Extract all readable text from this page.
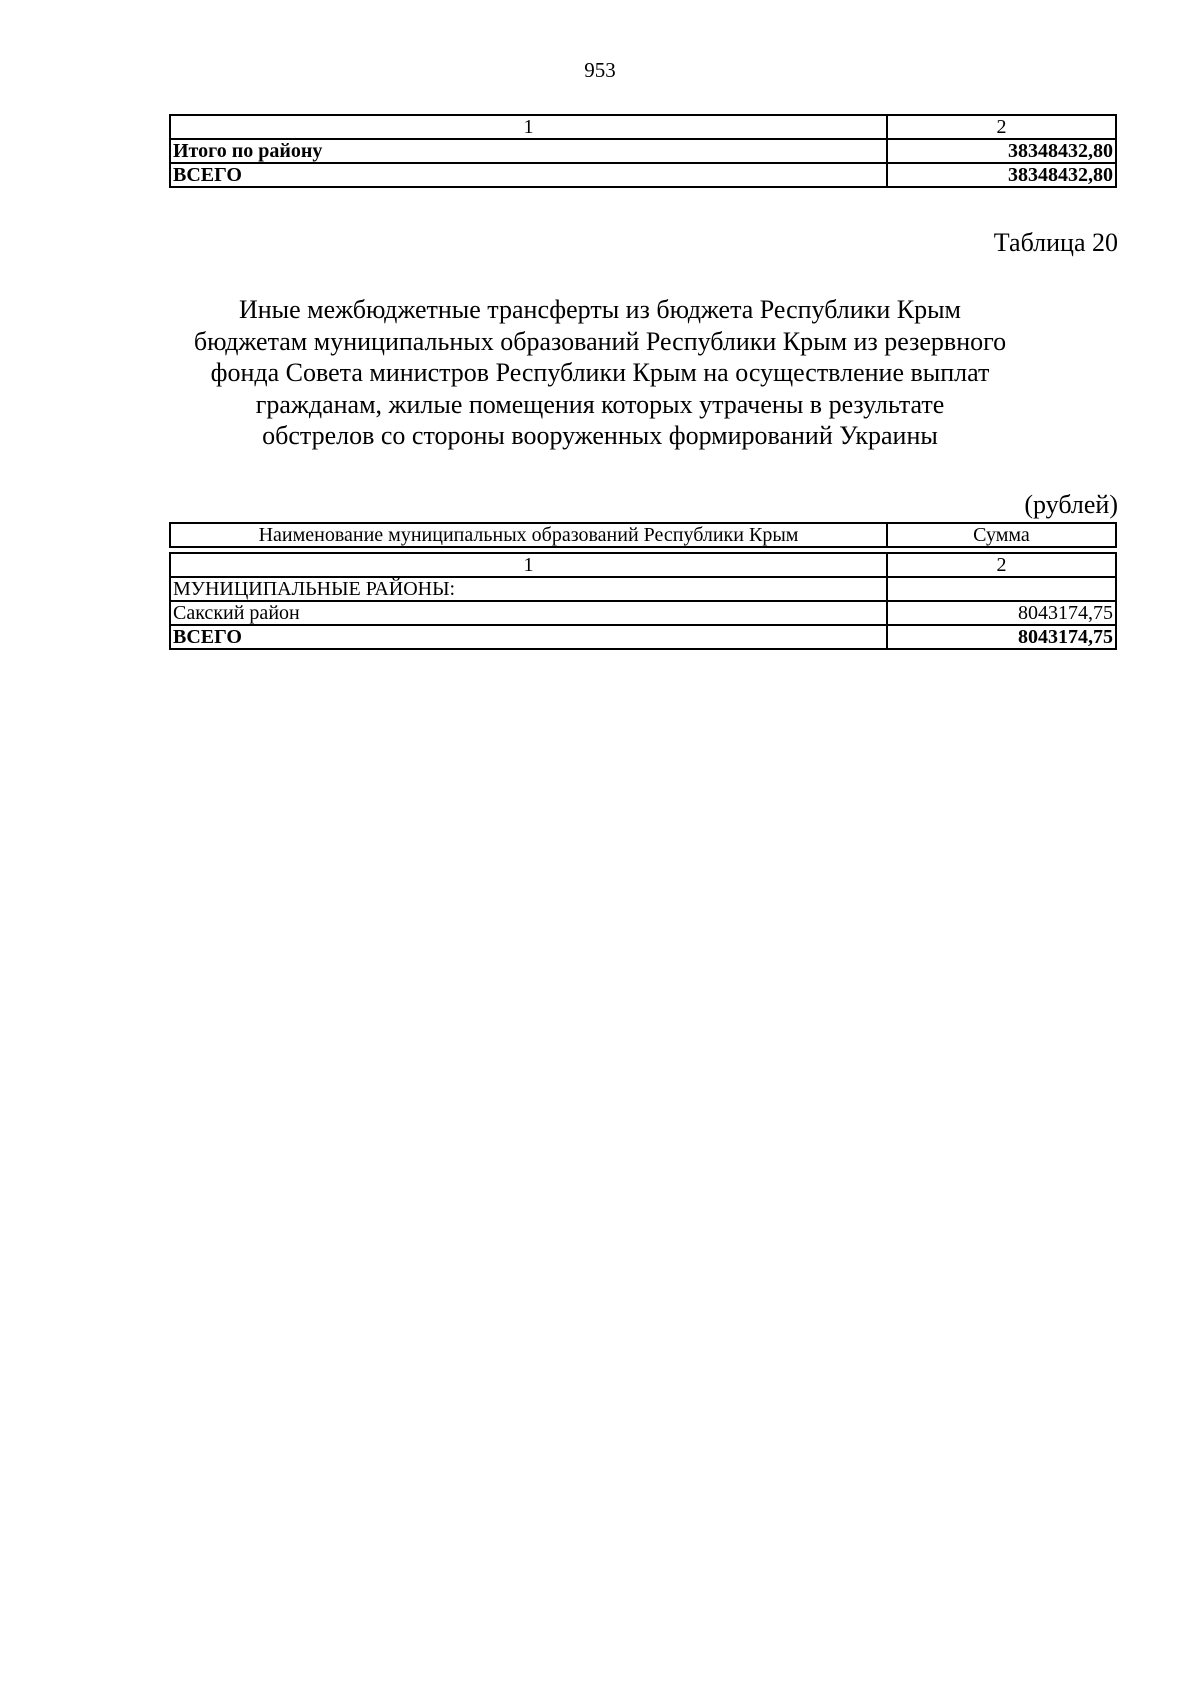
953
1	2
Итого по району	38348432,80
ВСЕГО	38348432,80
Таблица 20
Иные межбюджетные трансферты из бюджета Республики Крым
бюджетам муниципальных образований Республики Крым из резервного
фонда Совета министров Республики Крым на осуществление выплат
гражданам, жилые помещения которых утрачены в результате
обстрелов со стороны вооруженных формирований Украины
(рублей)
Наименование муниципальных образований Республики Крым	Сумма
1	2
МУНИЦИПАЛЬНЫЕ РАЙОНЫ:	
Сакский район	8043174,75
ВСЕГО	8043174,75
